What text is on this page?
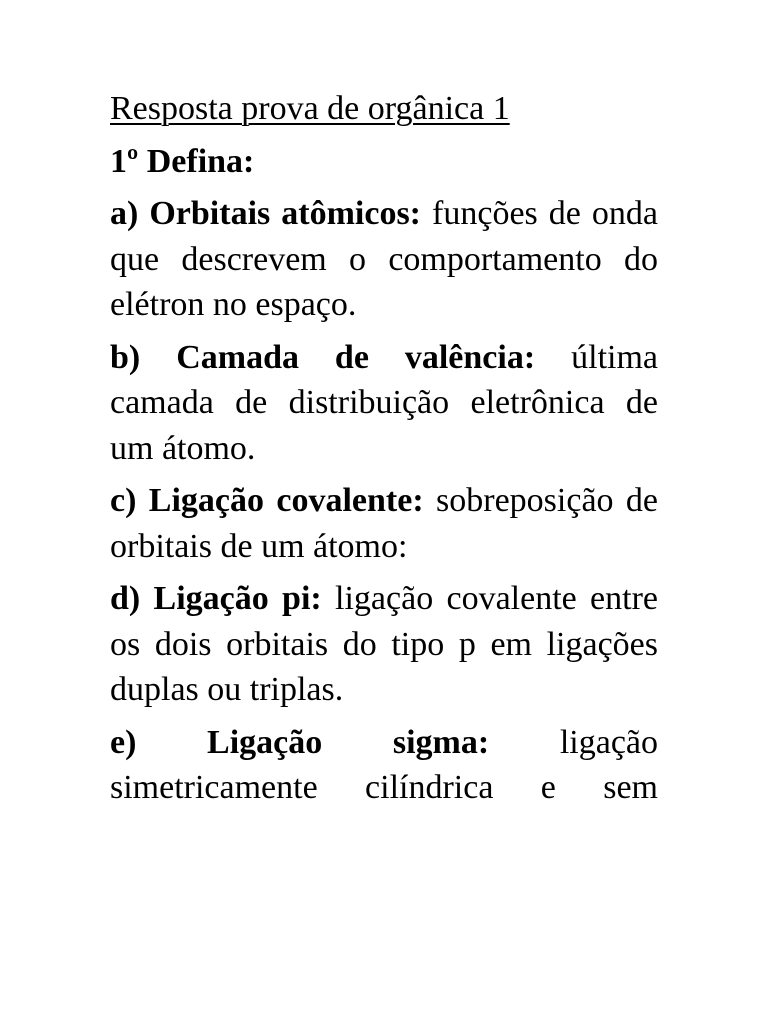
Resposta prova de orgânica 1

1º Defina:

a) Orbitais atômicos: funções de onda que descrevem o comportamento do elétron no espaço.

b) Camada de valência: última camada de distribuição eletrônica de um átomo.

c) Ligação covalente: sobreposição de orbitais de um átomo:

d) Ligação pi: ligação covalente entre os dois orbitais do tipo p em ligações duplas ou triplas.

e) Ligação sigma: ligação simetricamente cilíndrica e sem
